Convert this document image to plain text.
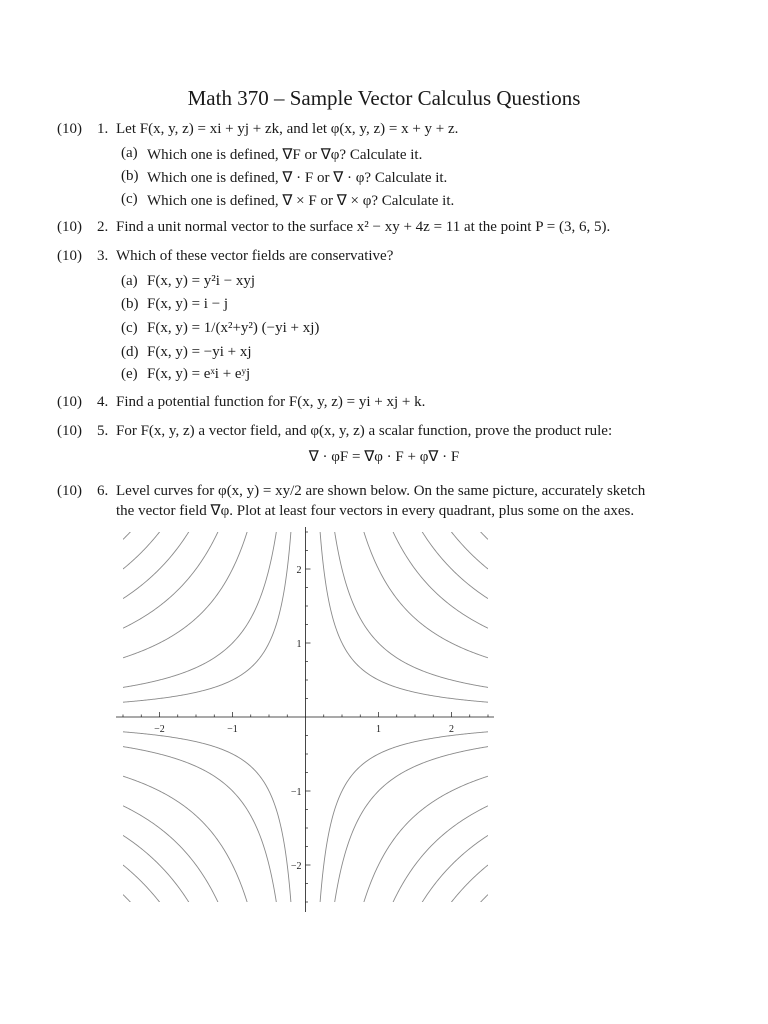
Math 370 – Sample Vector Calculus Questions
(10) 1. Let F(x, y, z) = xi + yj + zk, and let φ(x, y, z) = x + y + z.
(a) Which one is defined, ∇F or ∇φ? Calculate it.
(b) Which one is defined, ∇ · F or ∇ · φ? Calculate it.
(c) Which one is defined, ∇ × F or ∇ × φ? Calculate it.
(10) 2. Find a unit normal vector to the surface x² − xy + 4z = 11 at the point P = (3, 6, 5).
(10) 3. Which of these vector fields are conservative?
(a) F(x, y) = y²i − xyj
(b) F(x, y) = i − j
(c) F(x, y) = 1/(x²+y²) (−yi + xj)
(d) F(x, y) = −yi + xj
(e) F(x, y) = eˣi + eʸj
(10) 4. Find a potential function for F(x, y, z) = yi + xj + k.
(10) 5. For F(x, y, z) a vector field, and φ(x, y, z) a scalar function, prove the product rule:
∇ · φF = ∇φ · F + φ∇ · F
(10) 6. Level curves for φ(x, y) = xy/2 are shown below. On the same picture, accurately sketch
the vector field ∇φ. Plot at least four vectors in every quadrant, plus some on the axes.
−2	−1	1	2
2
1
−1
−2
